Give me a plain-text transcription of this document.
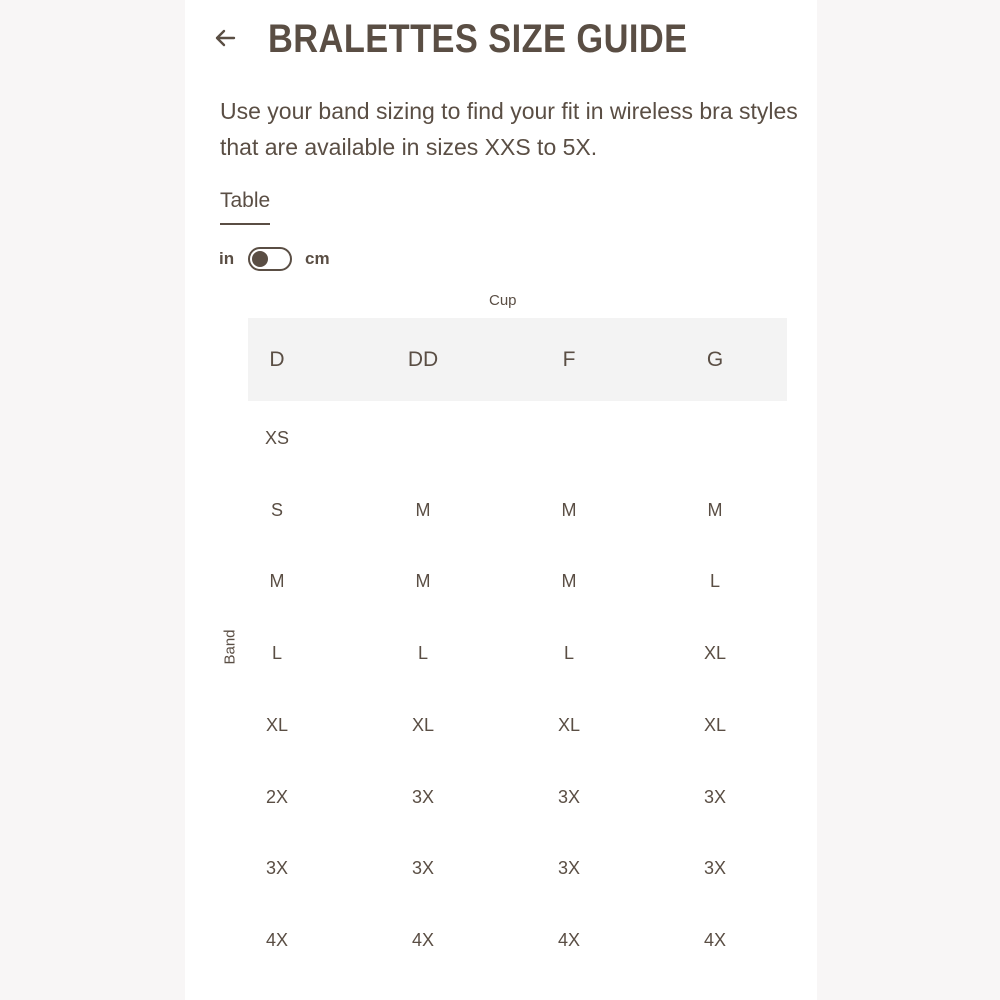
BRALETTES SIZE GUIDE

Use your band sizing to find your fit in wireless bra styles that are available in sizes XXS to 5X.

Table
in	cm
Cup
Band
D	DD	F	G
XS
S	M	M	M
M	M	M	L
L	L	L	XL
XL	XL	XL	XL
2X	3X	3X	3X
3X	3X	3X	3X
4X	4X	4X	4X
